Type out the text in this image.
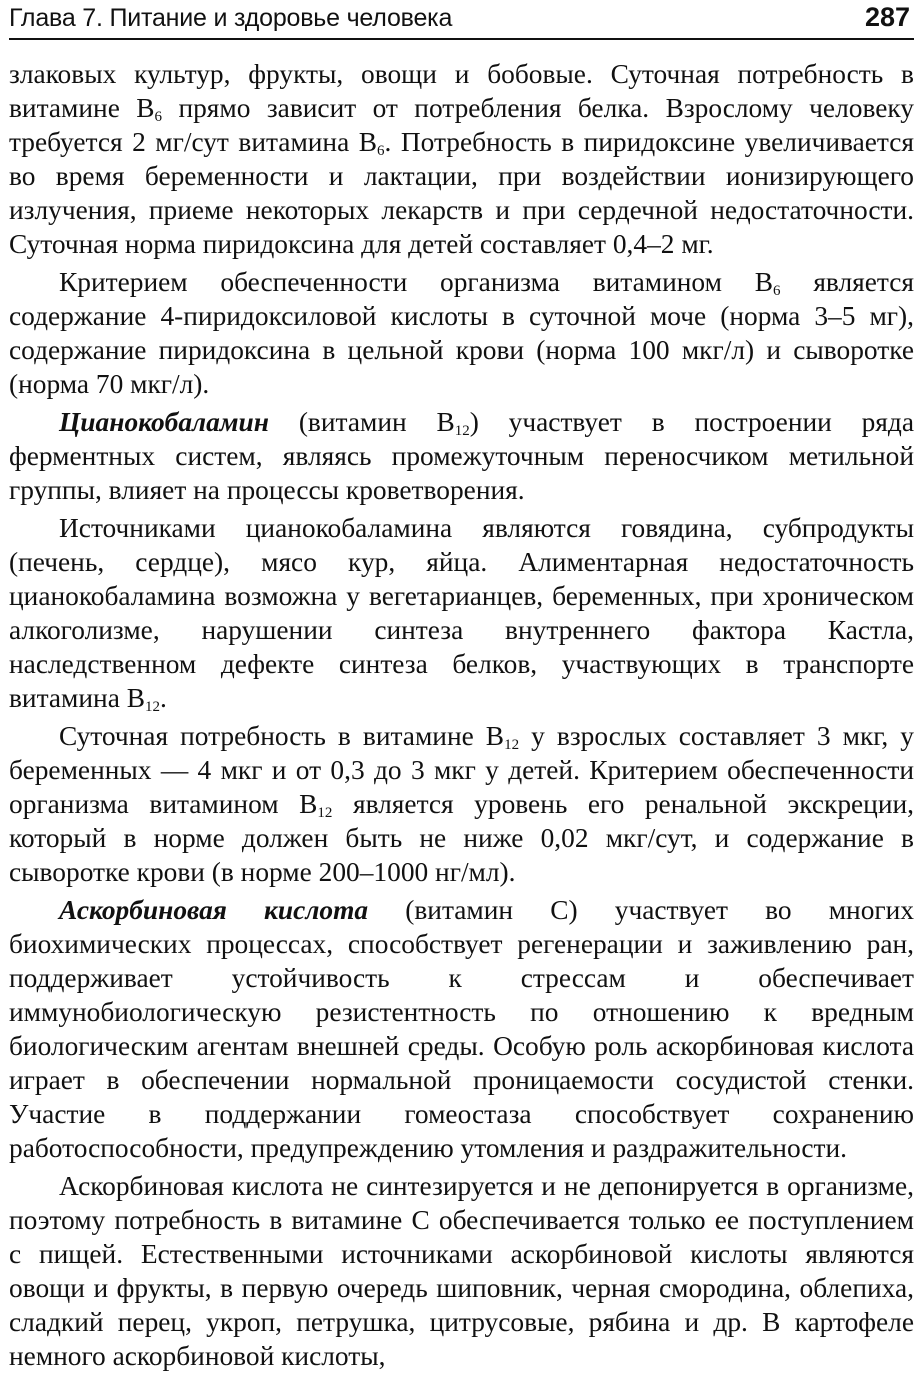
Глава 7. Питание и здоровье человека	287

злаковых культур, фрукты, овощи и бобовые. Суточная потребность в витамине $В_6$ прямо зависит от потребления белка. Взрослому человеку требуется 2 мг/сут витамина $В_6$. Потребность в пиридоксине увеличивается во время беременности и лактации, при воздействии ионизирующего излучения, приеме некоторых лекарств и при сердечной недостаточности. Суточная норма пиридоксина для детей составляет 0,4–2 мг.

Критерием обеспеченности организма витамином $В_6$ является содержание 4-пиридоксиловой кислоты в суточной моче (норма 3–5 мг), содержание пиридоксина в цельной крови (норма 100 мкг/л) и сыворотке (норма 70 мкг/л).

Цианокобаламин (витамин $В_{12}$) участвует в построении ряда ферментных систем, являясь промежуточным переносчиком метильной группы, влияет на процессы кроветворения.

Источниками цианокобаламина являются говядина, субпродукты (печень, сердце), мясо кур, яйца. Алиментарная недостаточность цианокобаламина возможна у вегетарианцев, беременных, при хроническом алкоголизме, нарушении синтеза внутреннего фактора Кастла, наследственном дефекте синтеза белков, участвующих в транспорте витамина $В_{12}$.

Суточная потребность в витамине $В_{12}$ у взрослых составляет 3 мкг, у беременных — 4 мкг и от 0,3 до 3 мкг у детей. Критерием обеспеченности организма витамином $В_{12}$ является уровень его ренальной экскреции, который в норме должен быть не ниже 0,02 мкг/сут, и содержание в сыворотке крови (в норме 200–1000 нг/мл).

Аскорбиновая кислота (витамин С) участвует во многих биохимических процессах, способствует регенерации и заживлению ран, поддерживает устойчивость к стрессам и обеспечивает иммунобиологическую резистентность по отношению к вредным биологическим агентам внешней среды. Особую роль аскорбиновая кислота играет в обеспечении нормальной проницаемости сосудистой стенки. Участие в поддержании гомеостаза способствует сохранению работоспособности, предупреждению утомления и раздражительности.

Аскорбиновая кислота не синтезируется и не депонируется в организме, поэтому потребность в витамине С обеспечивается только ее поступлением с пищей. Естественными источниками аскорбиновой кислоты являются овощи и фрукты, в первую очередь шиповник, черная смородина, облепиха, сладкий перец, укроп, петрушка, цитрусовые, рябина и др. В картофеле немного аскорбиновой кислоты,
